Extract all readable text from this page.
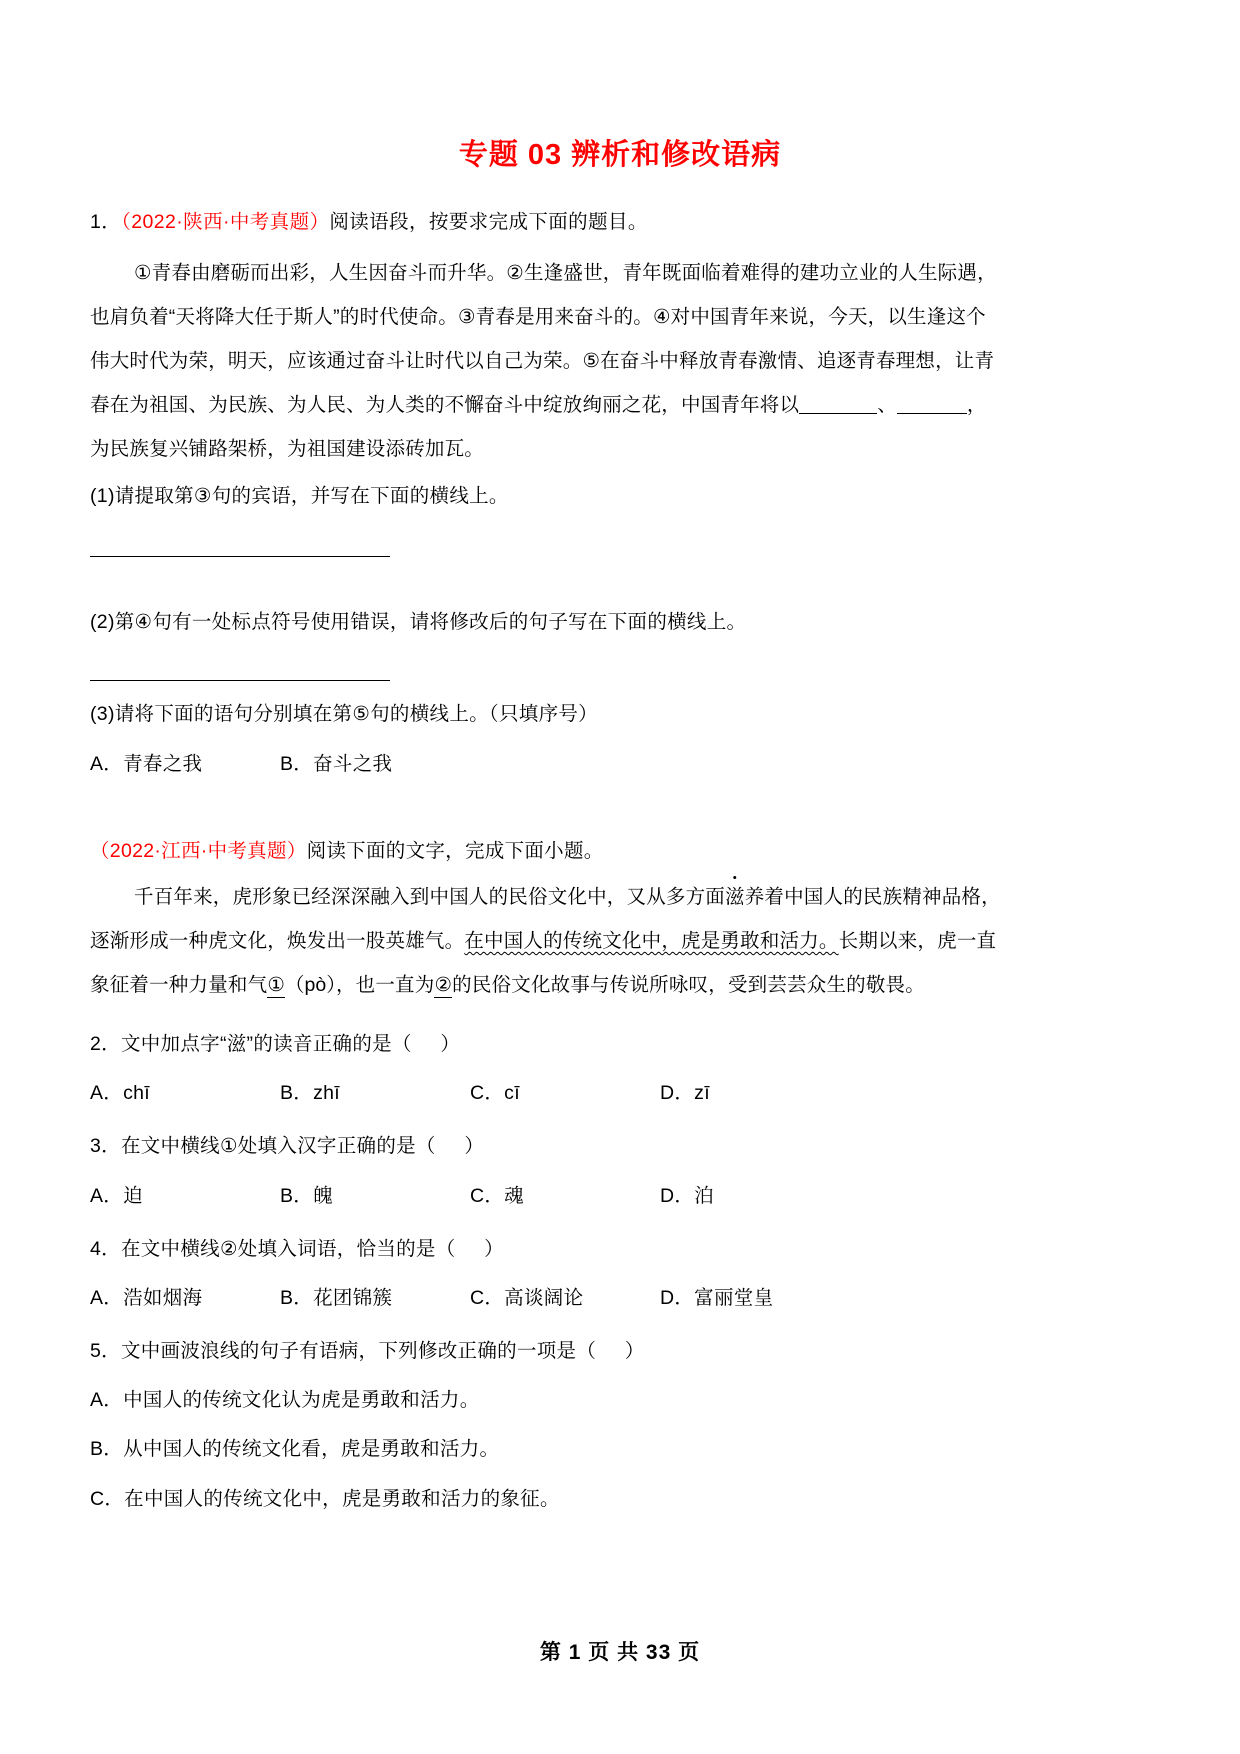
专题 03 辨析和修改语病
1．（2022·陕西·中考真题）阅读语段，按要求完成下面的题目。
①青春由磨砺而出彩，人生因奋斗而升华。②生逢盛世，青年既面临着难得的建功立业的人生际遇，
也肩负着“天将降大任于斯人”的时代使命。③青春是用来奋斗的。④对中国青年来说，今天，以生逢这个
伟大时代为荣，明天，应该通过奋斗让时代以自己为荣。⑤在奋斗中释放青春激情、追逐青春理想，让青
春在为祖国、为民族、为人民、为人类的不懈奋斗中绽放绚丽之花，中国青年将以	、	，
为民族复兴铺路架桥，为祖国建设添砖加瓦。
(1)请提取第③句的宾语，并写在下面的横线上。
(2)第④句有一处标点符号使用错误，请将修改后的句子写在下面的横线上。
(3)请将下面的语句分别填在第⑤句的横线上。（只填序号）
A．青春之我	B．奋斗之我
（2022·江西·中考真题）阅读下面的文字，完成下面小题。
千百年来，虎形象已经深深融入到中国人的民俗文化中，又从多方面滋养着中国人的民族精神品格，
逐渐形成一种虎文化，焕发出一股英雄气。在中国人的传统文化中，虎是勇敢和活力。长期以来，虎一直
象征着一种力量和气①（pò），也一直为②的民俗文化故事与传说所咏叹，受到芸芸众生的敬畏。
2．文中加点字“滋”的读音正确的是（ ）
A．chī	B．zhī	C．cī	D．zī
3．在文中横线①处填入汉字正确的是（ ）
A．迫	B．魄	C．魂	D．泊
4．在文中横线②处填入词语，恰当的是（ ）
A．浩如烟海	B．花团锦簇	C．高谈阔论	D．富丽堂皇
5．文中画波浪线的句子有语病，下列修改正确的一项是（ ）
A．中国人的传统文化认为虎是勇敢和活力。
B．从中国人的传统文化看，虎是勇敢和活力。
C．在中国人的传统文化中，虎是勇敢和活力的象征。
第 1 页 共 33 页
